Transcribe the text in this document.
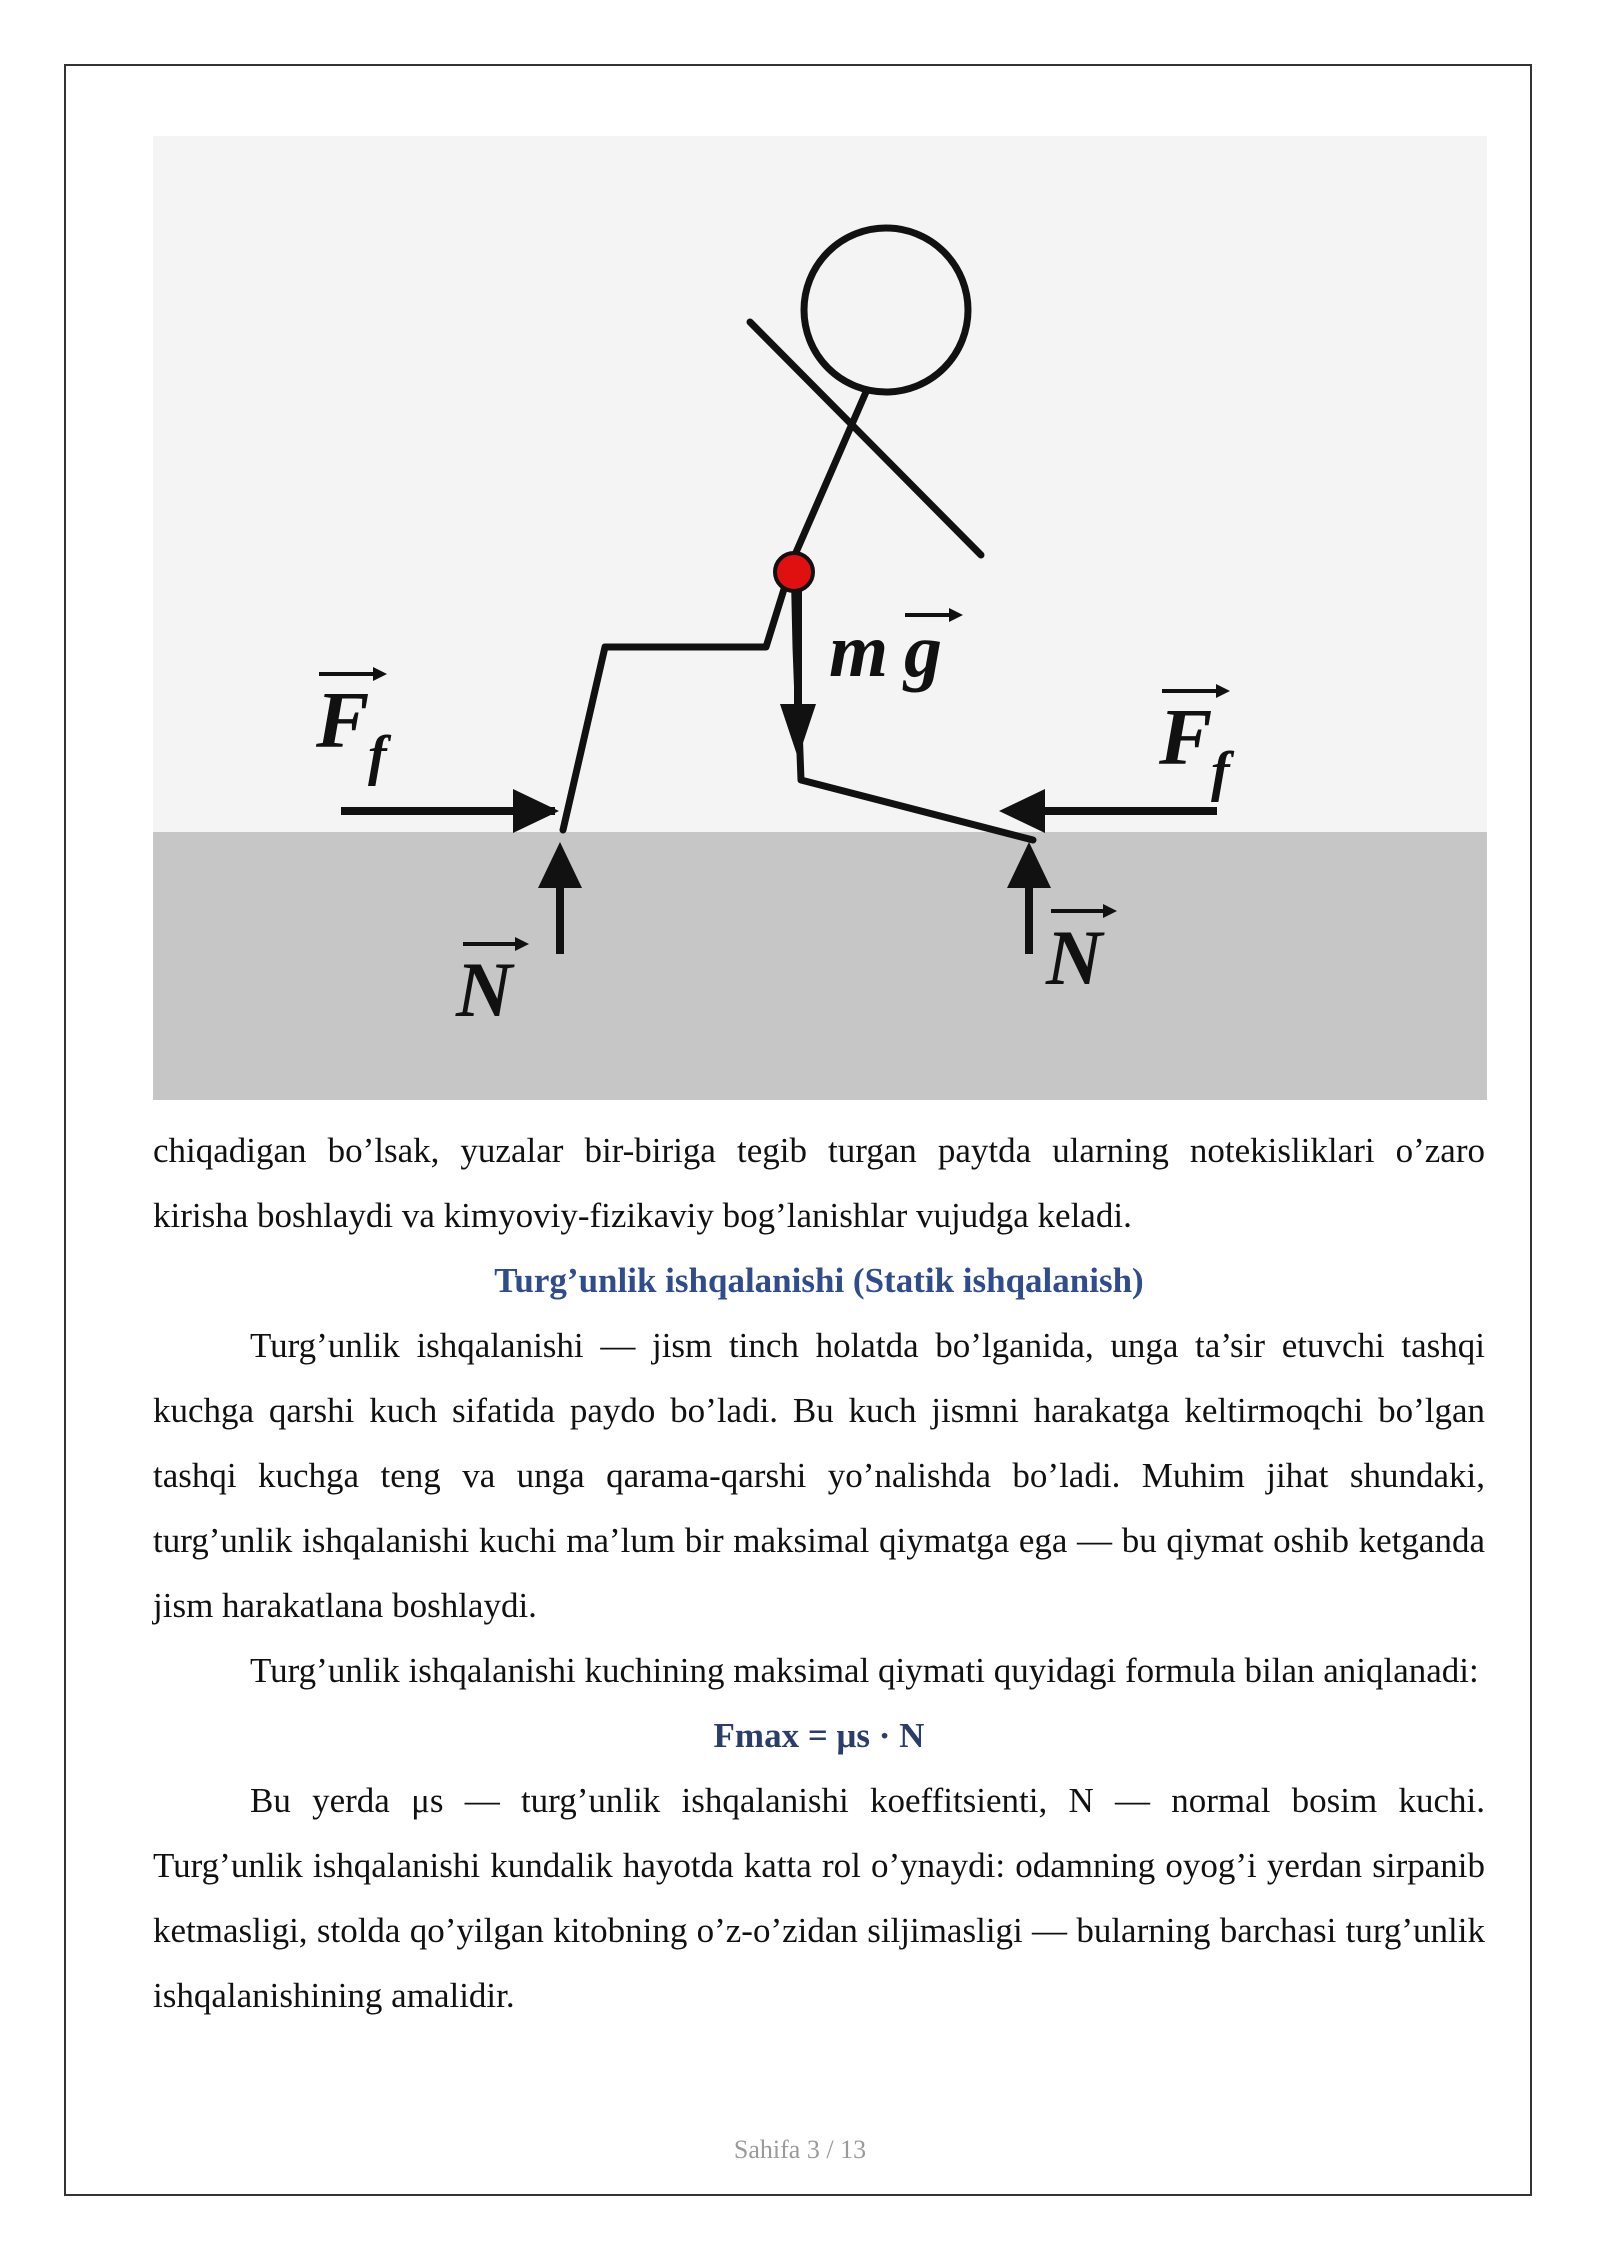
F
f	F
f
N	N
m g

chiqadigan bo’lsak, yuzalar bir-biriga tegib turgan paytda ularning notekisliklari o’zaro

kirisha boshlaydi va kimyoviy-fizikaviy bog’lanishlar vujudga keladi.

Turg’unlik ishqalanishi (Statik ishqalanish)

Turg’unlik ishqalanishi — jism tinch holatda bo’lganida, unga ta’sir etuvchi tashqi kuchga qarshi kuch sifatida paydo bo’ladi. Bu kuch jismni harakatga keltirmoqchi bo’lgan tashqi kuchga teng va unga qarama-qarshi yo’nalishda bo’ladi. Muhim jihat shundaki, turg’unlik ishqalanishi kuchi ma’lum bir maksimal qiymatga ega — bu qiymat oshib ketganda jism harakatlana boshlaydi.

Turg’unlik ishqalanishi kuchining maksimal qiymati quyidagi formula bilan aniqlanadi:

Fmax = μs · N

Bu yerda μs — turg’unlik ishqalanishi koeffitsienti, N — normal bosim kuchi. Turg’unlik ishqalanishi kundalik hayotda katta rol o’ynaydi: odamning oyog’i yerdan sirpanib ketmasligi, stolda qo’yilgan kitobning o’z-o’zidan siljimasligi — bularning barchasi turg’unlik ishqalanishining amalidir.

Sahifa 3 / 13
